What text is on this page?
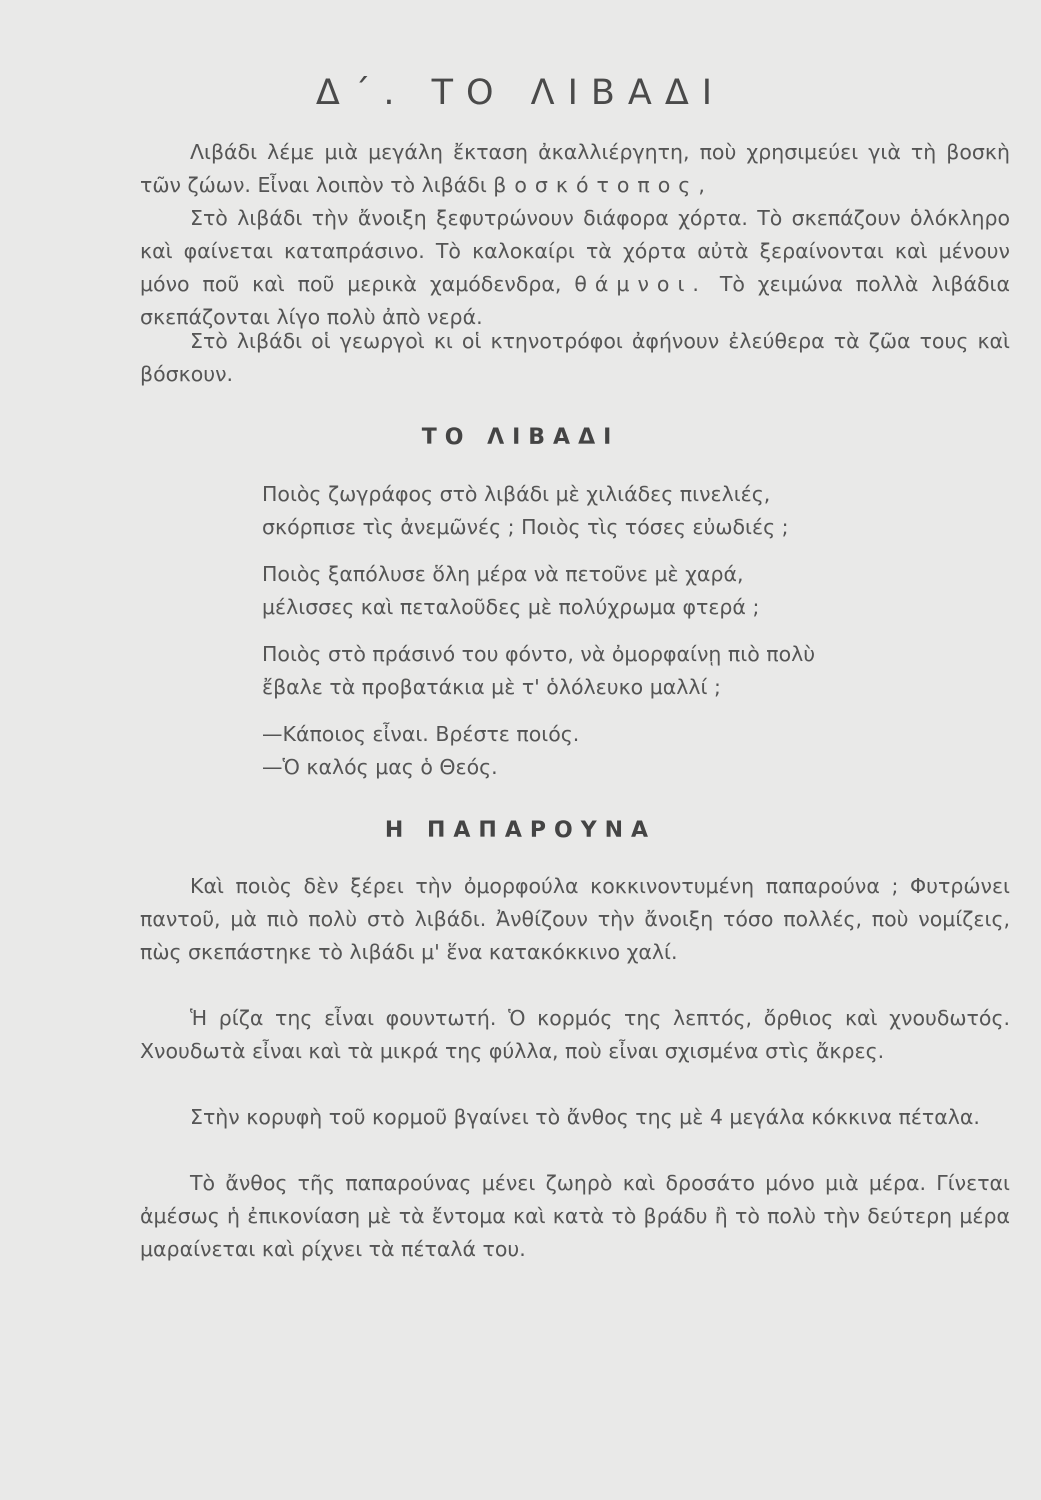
Δ΄. ΤΟ ΛΙΒΑΔΙ

Λιβάδι λέμε μιὰ μεγάλη ἔκταση ἀκαλλιέργητη, ποὺ χρησιμεύει γιὰ τὴ βοσκὴ τῶν ζώων. Εἶναι λοιπὸν τὸ λιβάδι βοσκότοπος,

Στὸ λιβάδι τὴν ἄνοιξη ξεφυτρώνουν διάφορα χόρτα. Τὸ σκεπάζουν ὁλόκληρο καὶ φαίνεται καταπράσινο. Τὸ καλοκαίρι τὰ χόρτα αὐτὰ ξεραίνονται καὶ μένουν μόνο ποῦ καὶ ποῦ μερικὰ χαμόδενδρα, θάμνοι. Τὸ χειμώνα πολλὰ λιβάδια σκεπάζονται λίγο πολὺ ἀπὸ νερά.

Στὸ λιβάδι οἱ γεωργοὶ κι οἱ κτηνοτρόφοι ἀφήνουν ἐλεύθερα τὰ ζῶα τους καὶ βόσκουν.

ΤΟ ΛΙΒΑΔΙ
Ποιὸς ζωγράφος στὸ λιβάδι μὲ χιλιάδες πινελιές,
σκόρπισε τὶς ἀνεμῶνές ; Ποιὸς τὶς τόσες εὐωδιές ;
Ποιὸς ξαπόλυσε ὅλη μέρα νὰ πετοῦνε μὲ χαρά,
μέλισσες καὶ πεταλοῦδες μὲ πολύχρωμα φτερά ;
Ποιὸς στὸ πράσινό του φόντο, νὰ ὀμορφαίνῃ πιὸ πολὺ
ἔβαλε τὰ προβατάκια μὲ τ' ὁλόλευκο μαλλί ;
—Κάποιος εἶναι. Βρέστε ποιός.
—Ὁ καλός μας ὁ Θεός.
Η ΠΑΠΑΡΟΥΝΑ

Καὶ ποιὸς δὲν ξέρει τὴν ὀμορφούλα κοκκινοντυμένη παπαρούνα ; Φυτρώνει παντοῦ, μὰ πιὸ πολὺ στὸ λιβάδι. Ἀνθίζουν τὴν ἄνοιξη τόσο πολλές, ποὺ νομίζεις, πὼς σκεπάστηκε τὸ λιβάδι μ' ἕνα κατακόκκινο χαλί.

Ἡ ρίζα της εἶναι φουντωτή. Ὁ κορμός της λεπτός, ὄρθιος καὶ χνουδωτός. Χνουδωτὰ εἶναι καὶ τὰ μικρά της φύλλα, ποὺ εἶναι σχισμένα στὶς ἄκρες.

Στὴν κορυφὴ τοῦ κορμοῦ βγαίνει τὸ ἄνθος της μὲ 4 μεγάλα κόκκινα πέταλα.

Τὸ ἄνθος τῆς παπαρούνας μένει ζωηρὸ καὶ δροσάτο μόνο μιὰ μέρα. Γίνεται ἀμέσως ἡ ἐπικονίαση μὲ τὰ ἔντομα καὶ κατὰ τὸ βράδυ ἢ τὸ πολὺ τὴν δεύτερη μέρα μαραίνεται καὶ ρίχνει τὰ πέταλά του.
